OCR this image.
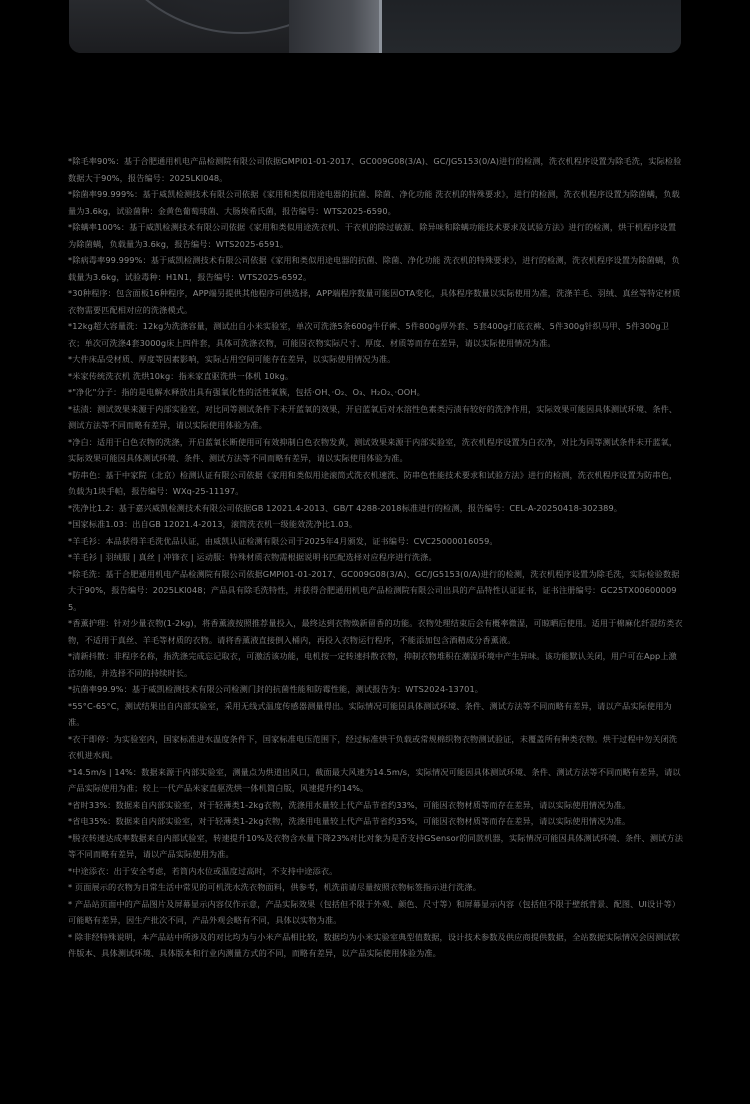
*除毛率90%：基于合肥通用机电产品检测院有限公司依据GMPI01-01-2017、GC009G08(3/A)、GC/JG5153(0/A)进行的检测，洗衣机程序设置为除毛洗，实际检验数据大于90%，报告编号：2025LKI048。

*除菌率99.999%：基于威凯检测技术有限公司依据《家用和类似用途电器的抗菌、除菌、净化功能 洗衣机的特殊要求》，进行的检测，洗衣机程序设置为除菌螨，负载量为3.6kg，试验菌种：金黄色葡萄球菌、大肠埃希氏菌，报告编号：WTS2025-6590。

*除螨率100%：基于威凯检测技术有限公司依据《家用和类似用途洗衣机、干衣机的除过敏源、除异味和除螨功能技术要求及试验方法》进行的检测，烘干机程序设置为除菌螨，负载量为3.6kg，报告编号：WTS2025-6591。

*除病毒率99.999%：基于威凯检测技术有限公司依据《家用和类似用途电器的抗菌、除菌、净化功能 洗衣机的特殊要求》，进行的检测，洗衣机程序设置为除菌螨，负载量为3.6kg，试验毒种：H1N1，报告编号：WTS2025-6592。

*30种程序：包含面板16种程序，APP端另提供其他程序可供选择，APP端程序数量可能因OTA变化，具体程序数量以实际使用为准，洗涤羊毛、羽绒、真丝等特定材质衣物需要匹配相对应的洗涤模式。

*12kg超大容量洗：12kg为洗涤容量，测试出自小米实验室，单次可洗涤5条600g牛仔裤、5件800g厚外套、5套400g打底衣裤、5件300g针织马甲、5件300g卫衣；单次可洗涤4套3000g床上四件套，具体可洗涤衣物，可能因衣物实际尺寸、厚度、材质等而存在差异，请以实际使用情况为准。

*大件床品受材质、厚度等因素影响，实际占用空间可能存在差异，以实际使用情况为准。

*米家传统洗衣机 洗烘10kg：指米家直驱洗烘一体机 10kg。

*"净化"分子：指的是电解水释放出具有强氧化性的活性氧簇，包括·OH、·O₂、O₃、H₂O₂、·OOH。

*祛渍：测试效果来源于内部实验室，对比同等测试条件下未开蓝氧的效果，开启蓝氧后对水溶性色素类污渍有较好的洗净作用，实际效果可能因具体测试环境、条件、测试方法等不同而略有差异，请以实际使用体验为准。

*净白：适用于白色衣物的洗涤，开启蓝氧长断使用可有效抑制白色衣物发黄，测试效果来源于内部实验室，洗衣机程序设置为白衣净，对比为同等测试条件未开蓝氧，实际效果可能因具体测试环境、条件、测试方法等不同而略有差异，请以实际使用体验为准。

*防串色：基于中家院（北京）检测认证有限公司依据《家用和类似用途滚筒式洗衣机速洗、防串色性能技术要求和试验方法》进行的检测，洗衣机程序设置为防串色，负载为1块手帕，报告编号：WXq-25-11197。

*洗净比1.2：基于嘉兴威凯检测技术有限公司依据GB 12021.4-2013、GB/T 4288-2018标准进行的检测，报告编号：CEL-A-20250418-302389。

*国家标准1.03：出自GB 12021.4-2013，滚筒洗衣机一级能效洗净比1.03。

*羊毛衫：本品获得羊毛洗优品认证，由威凯认证检测有限公司于2025年4月颁发，证书编号：CVC25000016059。

*羊毛衫 | 羽绒服 | 真丝 | 冲锋衣 | 运动服：特殊材质衣物需根据说明书匹配选择对应程序进行洗涤。

*除毛洗：基于合肥通用机电产品检测院有限公司依据GMPI01-01-2017、GC009G08(3/A)、GC/JG5153(0/A)进行的检测，洗衣机程序设置为除毛洗，实际检验数据大于90%，报告编号：2025LKI048；产品具有除毛洗特性，并获得合肥通用机电产品检测院有限公司出具的产品特性认证证书，证书注册编号：GC25TX006000095。

*香薰护理：针对少量衣物(1-2kg)，将香薰液按照推荐量投入，最终达到衣物焕新留香的功能。衣物处理结束后会有概率微湿，可晾晒后使用。适用于棉麻化纤混纺类衣物，不适用于真丝、羊毛等材质的衣物。请将香薰液直接倒入桶内，再投入衣物运行程序，不能添加包含酒精成分香薰液。

*清新抖散：非程序名称，指洗涤完成忘记取衣，可激活该功能，电机按一定转速抖散衣物，抑制衣物堆积在潮湿环境中产生异味。该功能默认关闭，用户可在App上激活功能，并选择不同的持续时长。

*抗菌率99.9%：基于威凯检测技术有限公司检测门封的抗菌性能和防霉性能，测试报告为：WTS2024-13701。

*55°C-65°C，测试结果出自内部实验室，采用无线式温度传感器测量得出。实际情况可能因具体测试环境、条件、测试方法等不同而略有差异，请以产品实际使用为准。

*衣干即停：为实验室内，国家标准进水温度条件下，国家标准电压范围下，经过标准烘干负载或常规棉织物衣物测试验证，未覆盖所有种类衣物。烘干过程中勿关闭洗衣机进水阀。

*14.5m/s | 14%：数据来源于内部实验室，测量点为烘道出风口，截面最大风速为14.5m/s，实际情况可能因具体测试环境、条件、测试方法等不同而略有差异，请以产品实际使用为准；较上一代产品米家直驱洗烘一体机简白版，风速提升约14%。

*省时33%：数据来自内部实验室，对于轻薄类1-2kg衣物，洗涤用水量较上代产品节省约33%，可能因衣物材质等而存在差异，请以实际使用情况为准。

*省电35%：数据来自内部实验室，对于轻薄类1-2kg衣物，洗涤用电量较上代产品节省约35%，可能因衣物材质等而存在差异，请以实际使用情况为准。

*脱衣转速达成率数据来自内部试验室，转速提升10%及衣物含水量下降23%对比对象为是否支持GSensor的同款机器，实际情况可能因具体测试环境、条件、测试方法等不同而略有差异，请以产品实际使用为准。

*中途添衣：出于安全考虑，若筒内水位或温度过高时，不支持中途添衣。

* 页面展示的衣物为日常生活中常见的可机洗水洗衣物面料，供参考，机洗前请尽量按照衣物标签指示进行洗涤。

* 产品站页面中的产品图片及屏幕显示内容仅作示意，产品实际效果（包括但不限于外观、颜色、尺寸等）和屏幕显示内容（包括但不限于壁纸背景、配图、UI设计等）可能略有差异，因生产批次不同，产品外观会略有不同，具体以实物为准。

* 除非经特殊说明，本产品站中所涉及的对比均为与小米产品相比较，数据均为小米实验室典型值数据，设计技术参数及供应商提供数据，全站数据实际情况会因测试软件版本、具体测试环境、具体版本和行业内测量方式的不同，而略有差异，以产品实际使用体验为准。
